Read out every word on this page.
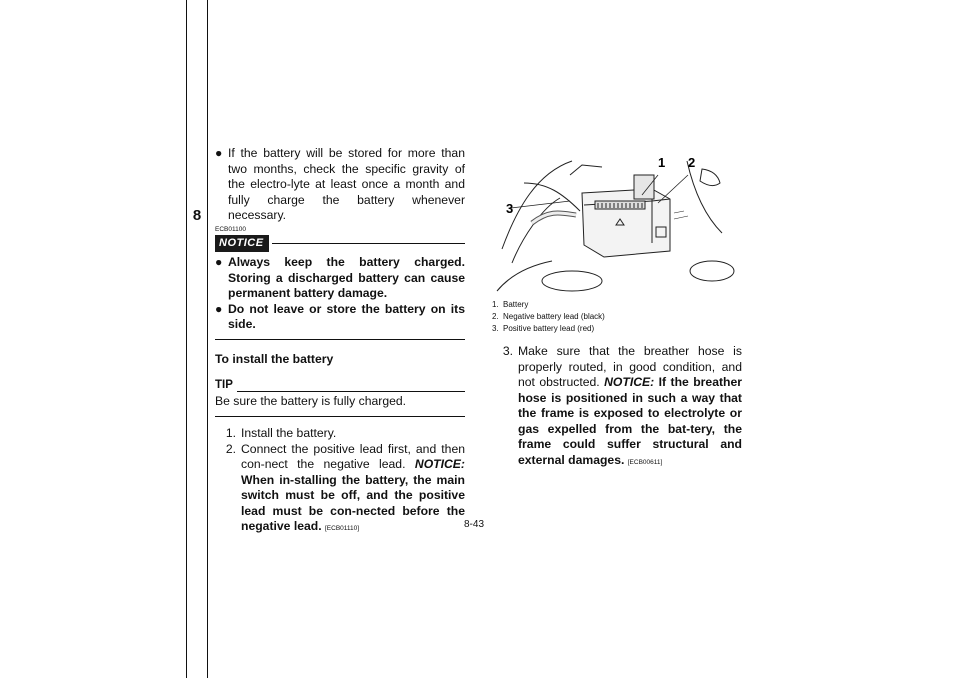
8
● If the battery will be stored for more than two months, check the specific gravity of the electro-lyte at least once a month and fully charge the battery whenever necessary.
ECB01100
NOTICE
● Always keep the battery charged. Storing a discharged battery can cause permanent battery damage.
● Do not leave or store the battery on its side.
To install the battery
TIP

Be sure the battery is fully charged.

1. Install the battery.
2. Connect the positive lead first, and then con-nect the negative lead. NOTICE: When in-stalling the battery, the main switch must be off, and the positive lead must be con-nected before the negative lead. [ECB01110]
1 2
3
1. Battery
2. Negative battery lead (black)
3. Positive battery lead (red)
3. Make sure that the breather hose is properly routed, in good condition, and not obstructed. NOTICE: If the breather hose is positioned in such a way that the frame is exposed to electrolyte or gas expelled from the bat-tery, the frame could suffer structural and external damages. [ECB00611]
8-43
